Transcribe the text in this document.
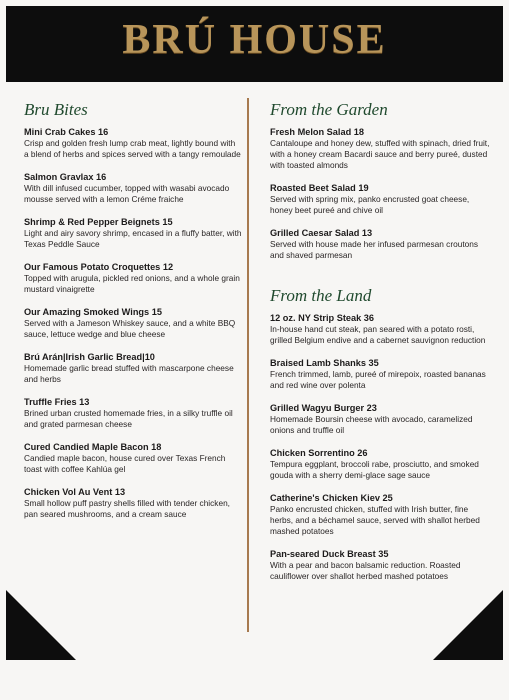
BRÚ HOUSE
Bru Bites
Mini Crab Cakes 16
Crisp and golden fresh lump crab meat, lightly bound with a blend of herbs and spices served with a tangy remoulade
Salmon Gravlax 16
With dill infused cucumber, topped with wasabi avocado mousse served with a lemon Créme fraiche
Shrimp & Red Pepper Beignets 15
Light and airy savory shrimp, encased in a fluffy batter, with Texas Peddle Sauce
Our Famous Potato Croquettes 12
Topped with arugula, pickled red onions, and a whole grain mustard vinaigrette
Our Amazing Smoked Wings 15
Served with a Jameson Whiskey sauce, and a white BBQ sauce, lettuce wedge and blue cheese
Brú Arán|Irish Garlic Bread|10
Homemade garlic bread stuffed with mascarpone cheese and herbs
Truffle Fries 13
Brined urban crusted homemade fries, in a silky truffle oil and grated parmesan cheese
Cured Candied Maple Bacon 18
Candied maple bacon, house cured over Texas French toast with coffee Kahlúa gel
Chicken Vol Au Vent 13
Small hollow puff pastry shells filled with tender chicken, pan seared mushrooms, and a cream sauce
From the Garden
Fresh Melon Salad 18
Cantaloupe and honey dew, stuffed with spinach, dried fruit, with a honey cream Bacardi sauce and berry pureé, dusted with toasted almonds
Roasted Beet Salad 19
Served with spring mix, panko encrusted goat cheese, honey beet pureé and chive oil
Grilled Caesar Salad 13
Served with house made her infused parmesan croutons and shaved parmesan
From the Land
12 oz. NY Strip Steak 36
In-house hand cut steak, pan seared with a potato rosti, grilled Belgium endive and a cabernet sauvignon reduction
Braised Lamb Shanks 35
French trimmed, lamb, pureé of mirepoix, roasted bananas and red wine over polenta
Grilled Wagyu Burger 23
Homemade Boursin cheese with avocado, caramelized onions and truffle oil
Chicken Sorrentino 26
Tempura eggplant, broccoli rabe, prosciutto, and smoked gouda with a sherry demi-glace sage sauce
Catherine's Chicken Kiev 25
Panko encrusted chicken, stuffed with Irish butter, fine herbs, and a béchamel sauce, served with shallot herbed mashed potatoes
Pan-seared Duck Breast 35
With a pear and bacon balsamic reduction. Roasted cauliflower over shallot herbed mashed potatoes
